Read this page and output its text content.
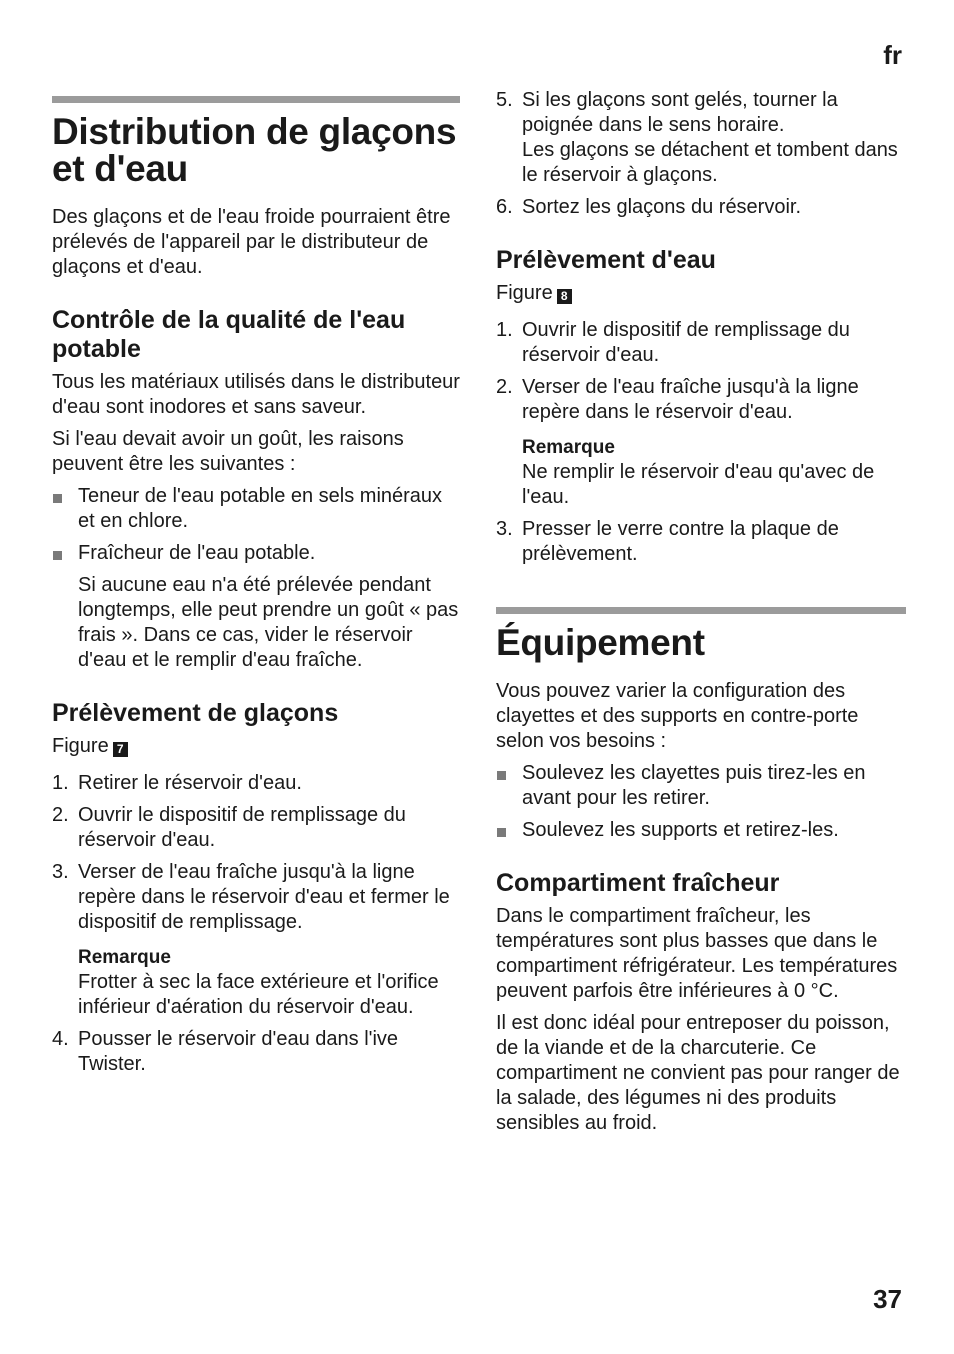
fr
Distribution de glaçons et d'eau

Des glaçons et de l'eau froide pourraient être prélevés de l'appareil par le distributeur de glaçons et d'eau.

Contrôle de la qualité de l'eau potable

Tous les matériaux utilisés dans le distributeur d'eau sont inodores et sans saveur.

Si l'eau devait avoir un goût, les raisons peuvent être les suivantes :

Teneur de l'eau potable en sels minéraux et en chlore.
Fraîcheur de l'eau potable.

Si aucune eau n'a été prélevée pendant longtemps, elle peut prendre un goût « pas frais ». Dans ce cas, vider le réservoir d'eau et le remplir d'eau fraîche.

Prélèvement de glaçons

Figure 7

1. Retirer le réservoir d'eau.
2. Ouvrir le dispositif de remplissage du réservoir d'eau.
3. Verser de l'eau fraîche jusqu'à la ligne repère dans le réservoir d'eau et fermer le dispositif de remplissage.
Remarque
Frotter à sec la face extérieure et l'orifice inférieur d'aération du réservoir d'eau.
4. Pousser le réservoir d'eau dans l'ive Twister.
5. Si les glaçons sont gelés, tourner la poignée dans le sens horaire.
Les glaçons se détachent et tombent dans le réservoir à glaçons.
6. Sortez les glaçons du réservoir.
Prélèvement d'eau

Figure 8

1. Ouvrir le dispositif de remplissage du réservoir d'eau.
2. Verser de l'eau fraîche jusqu'à la ligne repère dans le réservoir d'eau.
Remarque
Ne remplir le réservoir d'eau qu'avec de l'eau.
3. Presser le verre contre la plaque de prélèvement.
Équipement

Vous pouvez varier la configuration des clayettes et des supports en contre-porte selon vos besoins :

Soulevez les clayettes puis tirez-les en avant pour les retirer.
Soulevez les supports et retirez-les.
Compartiment fraîcheur

Dans le compartiment fraîcheur, les températures sont plus basses que dans le compartiment réfrigérateur. Les températures peuvent parfois être inférieures à 0 °C.

Il est donc idéal pour entreposer du poisson, de la viande et de la charcuterie. Ce compartiment ne convient pas pour ranger de la salade, des légumes ni des produits sensibles au froid.

37
